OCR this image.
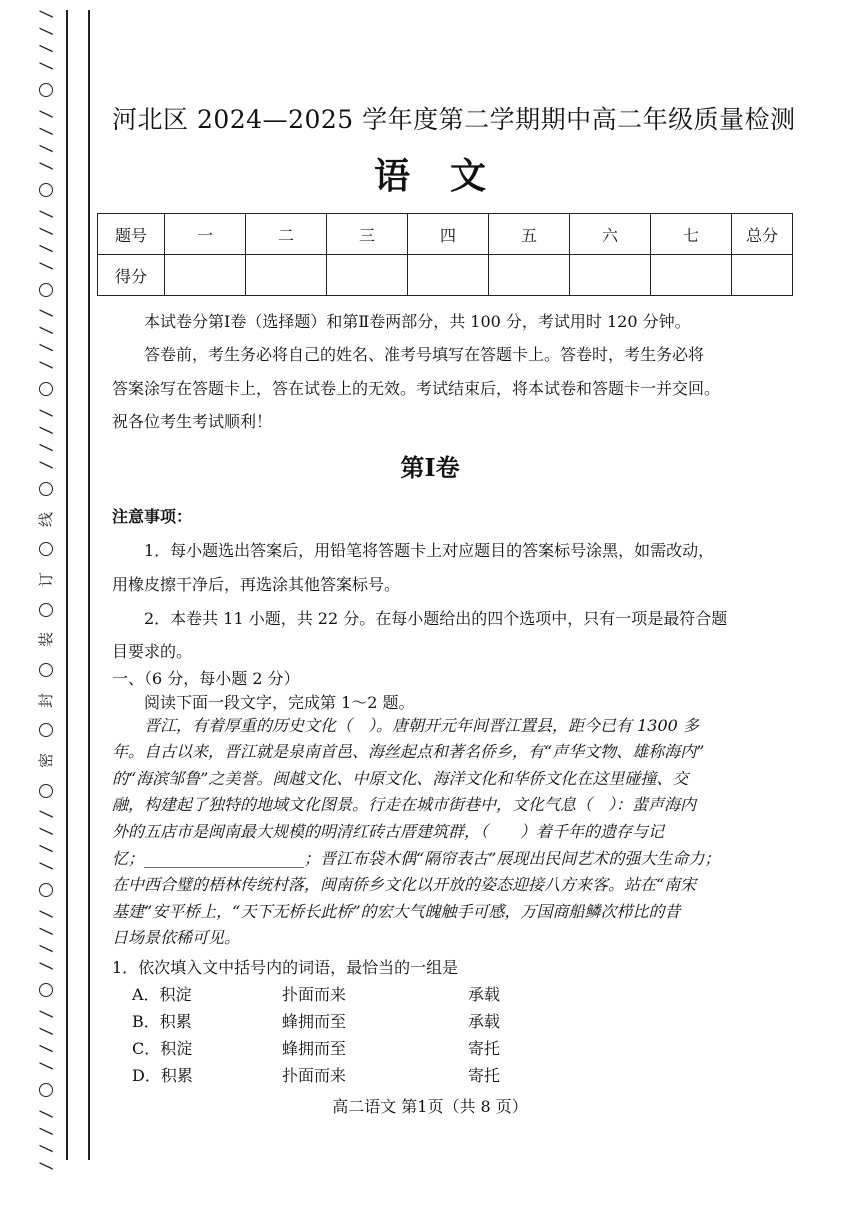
/ / / /
/ / / /
/ / / /
/ / / /
/ / / /
线
订
装
封
密
/ / / /
/ / / /
/ / / /
/ / / /
河北区 2024—2025 学年度第二学期期中高二年级质量检测
语文
题号	一	二	三	四	五	六	七	总分
得分								
本试卷分第Ⅰ卷（选择题）和第Ⅱ卷两部分，共 100 分，考试用时 120 分钟。
答卷前，考生务必将自己的姓名、准考号填写在答题卡上。答卷时，考生务必将
答案涂写在答题卡上，答在试卷上的无效。考试结束后，将本试卷和答题卡一并交回。
祝各位考生考试顺利！
第Ⅰ卷
注意事项：
1．每小题选出答案后，用铅笔将答题卡上对应题目的答案标号涂黑，如需改动，
用橡皮擦干净后，再选涂其他答案标号。
2．本卷共 11 小题，共 22 分。在每小题给出的四个选项中，只有一项是最符合题
目要求的。
一、（6 分，每小题 2 分）
阅读下面一段文字，完成第 1～2 题。
晋江，有着厚重的历史文化（　）。唐朝开元年间晋江置县，距今已有 1300 多
年。自古以来，晋江就是泉南首邑、海丝起点和著名侨乡，有“声华文物、雄称海内”
的“海滨邹鲁”之美誉。闽越文化、中原文化、海洋文化和华侨文化在这里碰撞、交
融，构建起了独特的地域文化图景。行走在城市街巷中，文化气息（　）：蜚声海内
外的五店市是闽南最大规模的明清红砖古厝建筑群，（　　）着千年的遗存与记
忆；____________________；晋江布袋木偶“隔帘表古”展现出民间艺术的强大生命力；
在中西合璧的梧林传统村落，闽南侨乡文化以开放的姿态迎接八方来客。站在“南宋
基建”安平桥上，“天下无桥长此桥”的宏大气魄触手可感，万国商船鳞次栉比的昔
日场景依稀可见。
1．依次填入文中括号内的词语，最恰当的一组是
A．积淀	扑面而来	承载
B．积累	蜂拥而至	承载
C．积淀	蜂拥而至	寄托
D．积累	扑面而来	寄托
高二语文 第1页（共 8 页）
